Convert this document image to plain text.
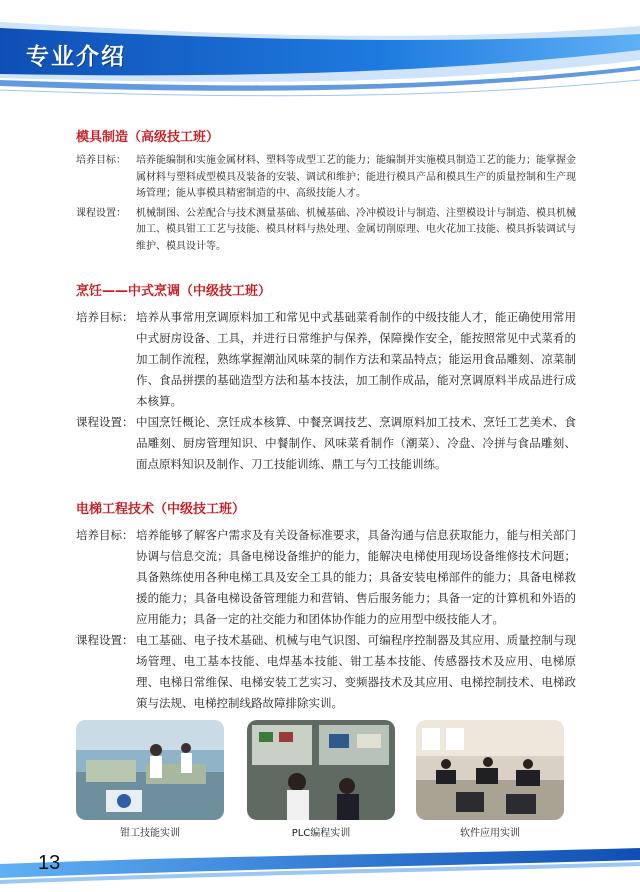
专业介绍
模具制造（高级技工班）
培养目标：	培养能编制和实施金属材料、塑料等成型工艺的能力；能编制并实施模具制造工艺的能力；能掌握金属材料与塑料成型模具及装备的安装、调试和维护；能进行模具产品和模具生产的质量控制和生产现场管理；能从事模具精密制造的中、高级技能人才。
课程设置：	机械制图、公差配合与技术测量基础、机械基础、冷冲模设计与制造、注塑模设计与制造、模具机械加工、模具钳工工艺与技能、模具材料与热处理、金属切削原理、电火花加工技能、模具拆装调试与维护、模具设计等。
烹饪——中式烹调（中级技工班）
培养目标： 培养从事常用烹调原料加工和常见中式基础菜肴制作的中级技能人才，能正确使用常用中式厨房设备、工具，并进行日常维护与保养，保障操作安全，能按照常见中式菜肴的加工制作流程，熟练掌握潮汕风味菜的制作方法和菜品特点；能运用食品雕刻、凉菜制作、食品拼摆的基础造型方法和基本技法，加工制作成品，能对烹调原料半成品进行成本核算。
课程设置： 中国烹饪概论、烹饪成本核算、中餐烹调技艺、烹调原料加工技术、烹饪工艺美术、食品雕刻、厨房管理知识、中餐制作、风味菜肴制作（潮菜）、冷盘、冷拼与食品雕刻、面点原料知识及制作、刀工技能训练、鼎工与勺工技能训练。
电梯工程技术（中级技工班）
培养目标： 培养能够了解客户需求及有关设备标准要求，具备沟通与信息获取能力，能与相关部门协调与信息交流；具备电梯设备维护的能力，能解决电梯使用现场设备维修技术问题；具备熟练使用各种电梯工具及安全工具的能力；具备安装电梯部件的能力；具备电梯救援的能力；具备电梯设备管理能力和营销、售后服务能力；具备一定的计算机和外语的应用能力；具备一定的社交能力和团体协作能力的应用型中级技能人才。
课程设置： 电工基础、电子技术基础、机械与电气识图、可编程序控制器及其应用、质量控制与现场管理、电工基本技能、电焊基本技能、钳工基本技能、传感器技术及应用、电梯原理、电梯日常维保、电梯安装工艺实习、变频器技术及其应用、电梯控制技术、电梯政策与法规、电梯控制线路故障排除实训。
钳工技能实训	PLC编程实训	软件应用实训
13
